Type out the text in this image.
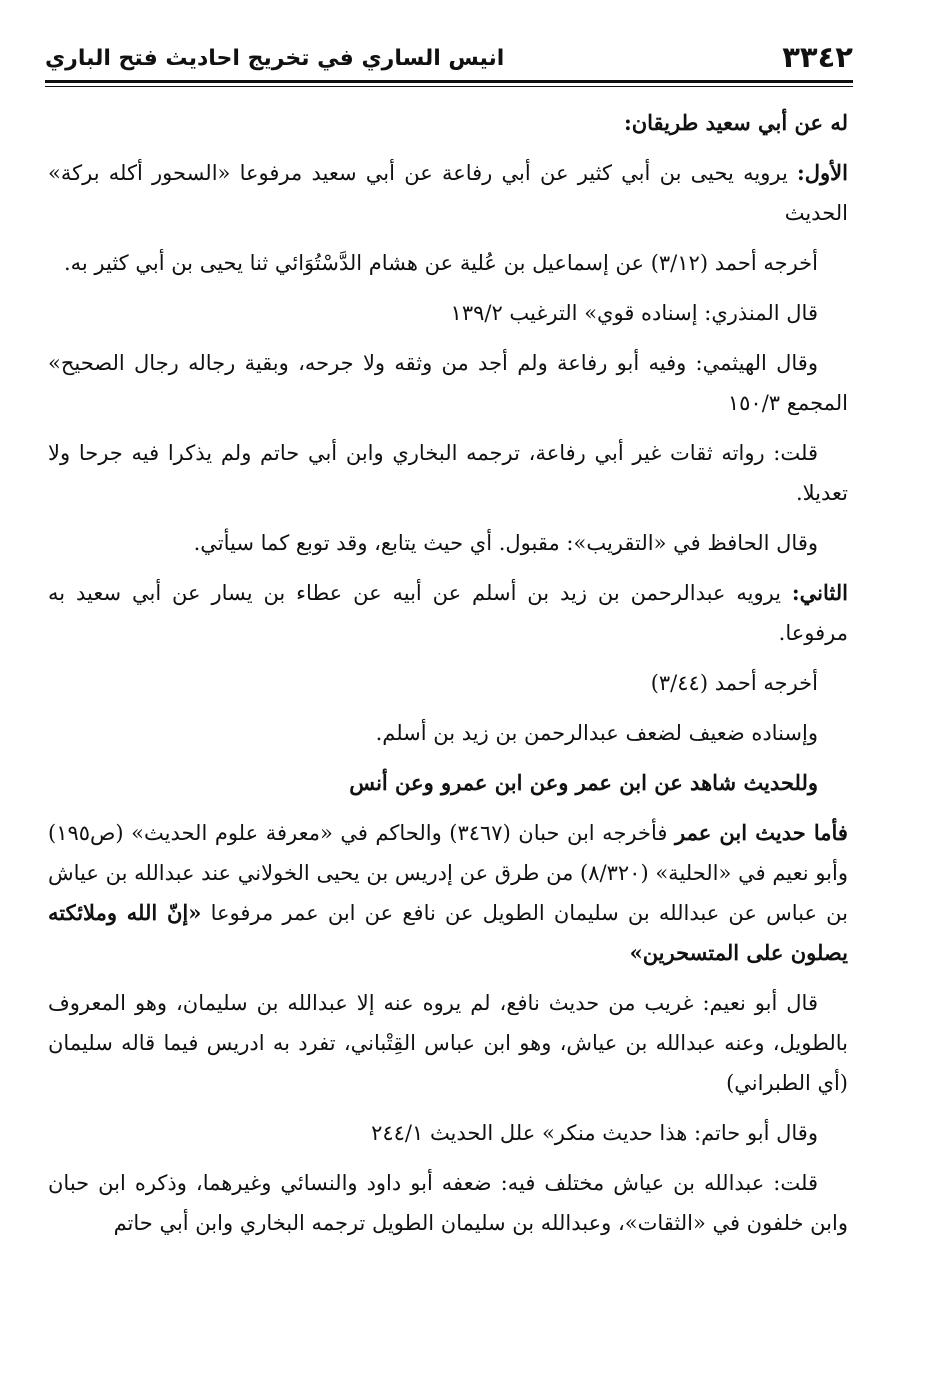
٣٣٤٢
انيس الساري في تخريج احاديث فتح الباري

له عن أبي سعيد طريقان:

الأول: يرويه يحيى بن أبي كثير عن أبي رفاعة عن أبي سعيد مرفوعا «السحور أكله بركة» الحديث

أخرجه أحمد (٣/١٢) عن إسماعيل بن عُلية عن هشام الدَّسْتُوَائي ثنا يحيى بن أبي كثير به.

قال المنذري: إسناده قوي» الترغيب ١٣٩/٢

وقال الهيثمي: وفيه أبو رفاعة ولم أجد من وثقه ولا جرحه، وبقية رجاله رجال الصحيح» المجمع ١٥٠/٣

قلت: رواته ثقات غير أبي رفاعة، ترجمه البخاري وابن أبي حاتم ولم يذكرا فيه جرحا ولا تعديلا.

وقال الحافظ في «التقريب»: مقبول. أي حيث يتابع، وقد توبع كما سيأتي.

الثاني: يرويه عبدالرحمن بن زيد بن أسلم عن أبيه عن عطاء بن يسار عن أبي سعيد به مرفوعا.

أخرجه أحمد (٣/٤٤)

وإسناده ضعيف لضعف عبدالرحمن بن زيد بن أسلم.

وللحديث شاهد عن ابن عمر وعن ابن عمرو وعن أنس

فأما حديث ابن عمر فأخرجه ابن حبان (٣٤٦٧) والحاكم في «معرفة علوم الحديث» (ص١٩٥) وأبو نعيم في «الحلية» (٨/٣٢٠) من طرق عن إدريس بن يحيى الخولاني عند عبدالله بن عياش بن عباس عن عبدالله بن سليمان الطويل عن نافع عن ابن عمر مرفوعا «إنّ الله وملائكته يصلون على المتسحرين»

قال أبو نعيم: غريب من حديث نافع، لم يروه عنه إلا عبدالله بن سليمان، وهو المعروف بالطويل، وعنه عبدالله بن عياش، وهو ابن عباس القِتْباني، تفرد به ادريس فيما قاله سليمان (أي الطبراني)

وقال أبو حاتم: هذا حديث منكر» علل الحديث ٢٤٤/١

قلت: عبدالله بن عياش مختلف فيه: ضعفه أبو داود والنسائي وغيرهما، وذكره ابن حبان وابن خلفون في «الثقات»، وعبدالله بن سليمان الطويل ترجمه البخاري وابن أبي حاتم
